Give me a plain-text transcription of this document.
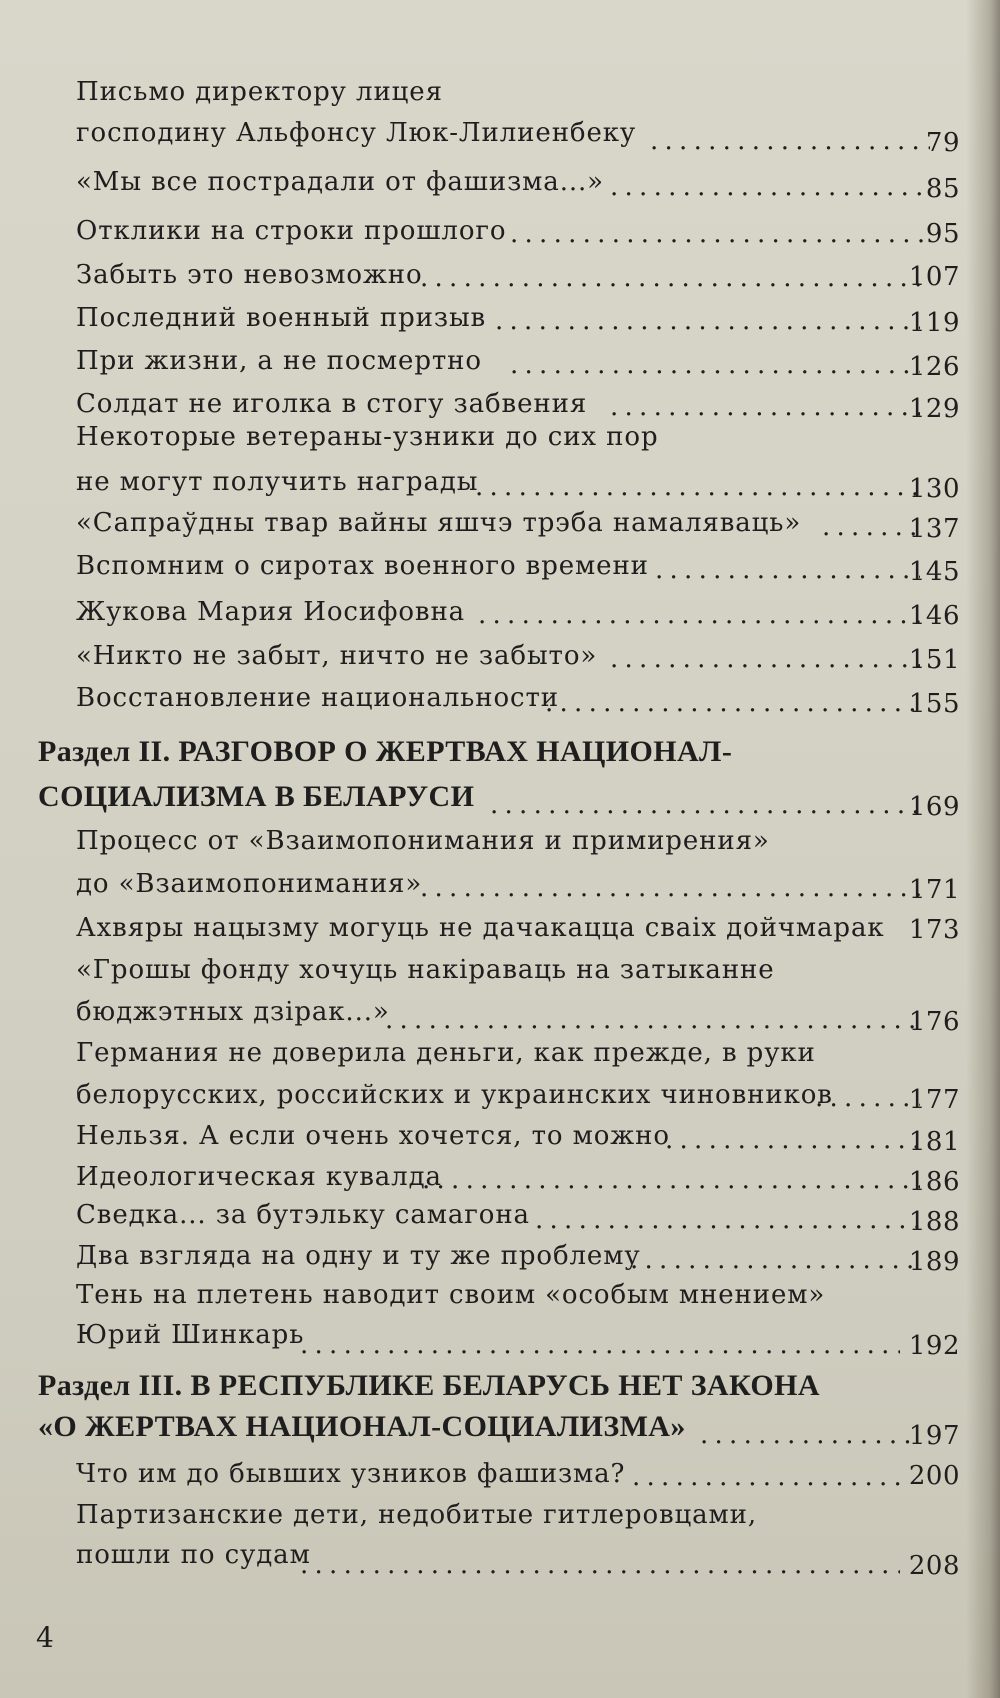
Письмо директору лицея
господину Альфонсу Люк-Лилиенбеку . . .	79
«Мы все пострадали от фашизма...» . . .	85
Отклики на строки прошлого . . .	95
Забыть это невозможно . . .	107
Последний военный призыв . . .	119
При жизни, а не посмертно . . .	126
Солдат не иголка в стогу забвения . . .	129
Некоторые ветераны-узники до сих пор
не могут получить награды . . .	130
«Сапраўдны твар вайны яшчэ трэба намаляваць» . . .	137
Вспомним о сиротах военного времени . . .	145
Жукова Мария Иосифовна . . .	146
«Никто не забыт, ничто не забыто» . . .	151
Восстановление национальности . . .	155
Раздел II. РАЗГОВОР О ЖЕРТВАХ НАЦИОНАЛ-
СОЦИАЛИЗМА В БЕЛАРУСИ . . .	169
Процесс от «Взаимопонимания и примирения»
до «Взаимопонимания» . . .	171
Ахвяры нацызму могуць не дачакацца сваіх дойчмарак 173
«Грошы фонду хочуць накіраваць на затыканне
бюджэтных дзірак...» . . .	176
Германия не доверила деньги, как прежде, в руки
белорусских, российских и украинских чиновников . . .	177
Нельзя. А если очень хочется, то можно . . .	181
Идеологическая кувалда . . .	186
Сведка... за бутэльку самагона . . .	188
Два взгляда на одну и ту же проблему . . .	189
Тень на плетень наводит своим «особым мнением»
Юрий Шинкарь . . .	192
Раздел III. В РЕСПУБЛИКЕ БЕЛАРУСЬ НЕТ ЗАКОНА
«О ЖЕРТВАХ НАЦИОНАЛ-СОЦИАЛИЗМА» . . .	197
Что им до бывших узников фашизма? . . .	200
Партизанские дети, недобитые гитлеровцами,
пошли по судам . . .	208
4
